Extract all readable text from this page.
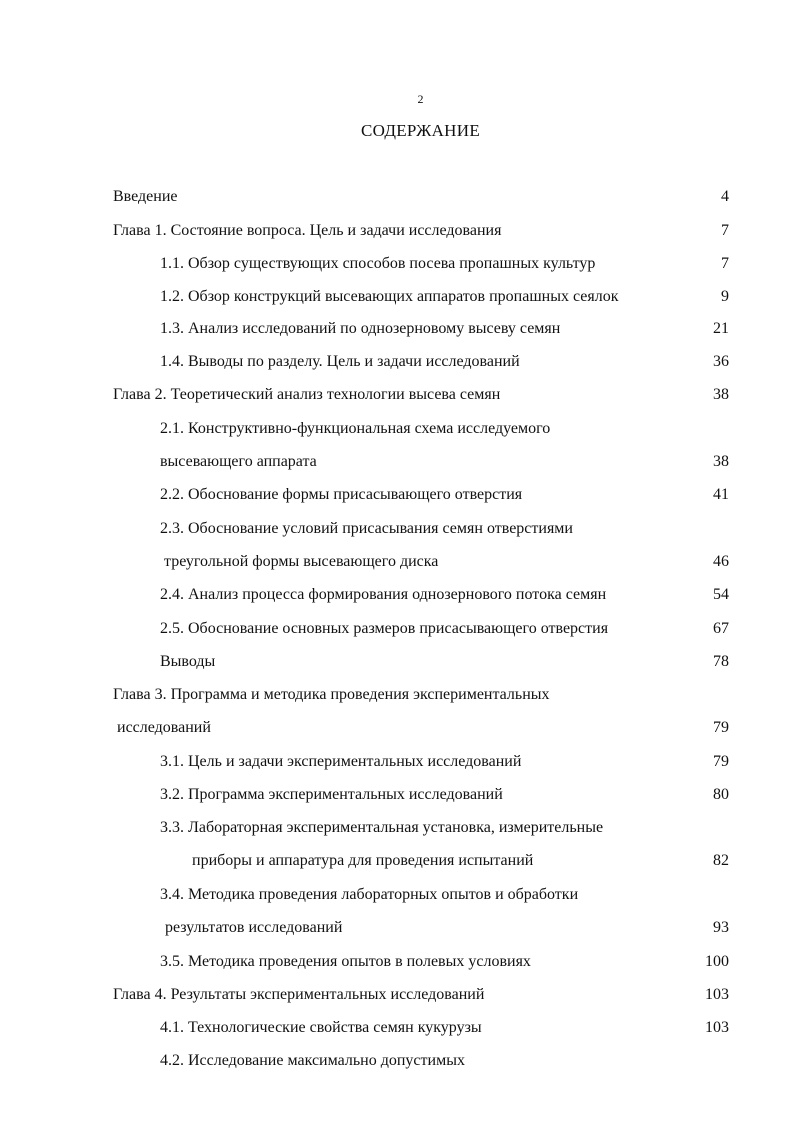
2
СОДЕРЖАНИЕ
Введение	4
Глава 1. Состояние вопроса. Цель и задачи исследования	7
1.1. Обзор существующих способов посева пропашных культур	7
1.2. Обзор конструкций высевающих аппаратов пропашных сеялок	9
1.3. Анализ исследований по однозерновому высеву семян	21
1.4. Выводы по разделу. Цель и задачи исследований	36
Глава 2. Теоретический анализ технологии высева семян	38
2.1. Конструктивно-функциональная схема исследуемого
высевающего аппарата	38
2.2. Обоснование формы присасывающего отверстия	41
2.3. Обоснование условий присасывания семян отверстиями
треугольной формы высевающего диска	46
2.4. Анализ процесса формирования однозернового потока семян	54
2.5. Обоснование основных размеров присасывающего отверстия	67
Выводы	78
Глава 3. Программа и методика проведения экспериментальных
исследований	79
3.1. Цель и задачи экспериментальных исследований	79
3.2. Программа экспериментальных исследований	80
3.3. Лабораторная экспериментальная установка, измерительные
приборы и аппаратура для проведения испытаний	82
3.4. Методика проведения лабораторных опытов и обработки
результатов исследований	93
3.5. Методика проведения опытов в полевых условиях	100
Глава 4. Результаты экспериментальных исследований	103
4.1. Технологические свойства семян кукурузы	103
4.2. Исследование максимально допустимых
